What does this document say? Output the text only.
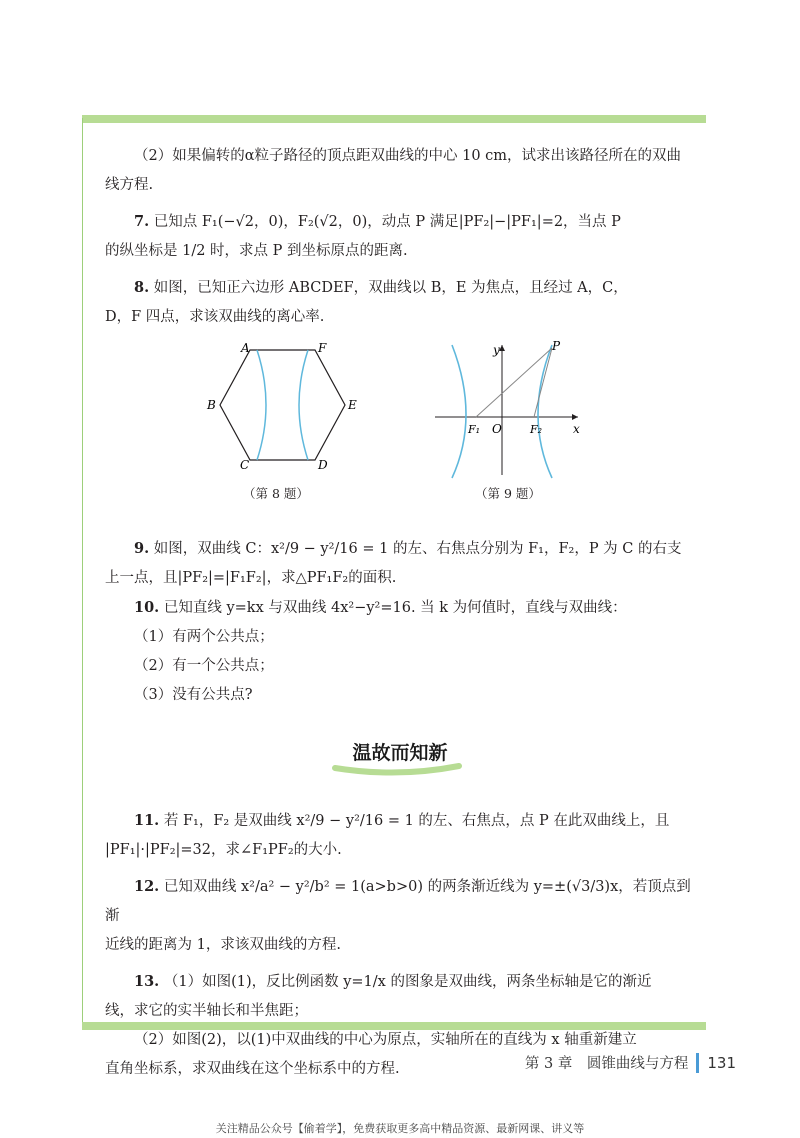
（2）如果偏转的α粒子路径的顶点距双曲线的中心 10 cm，试求出该路径所在的双曲线方程.

7. 已知点 F₁(−√2，0)，F₂(√2，0)，动点 P 满足|PF₂|−|PF₁|=2，当点 P

的纵坐标是 1/2 时，求点 P 到坐标原点的距离.

8. 如图，已知正六边形 ABCDEF，双曲线以 B，E 为焦点，且经过 A，C，

D，F 四点，求该双曲线的离心率.

A	F
B	E
C	D
（第 8 题）
y
x
O
P
F₁	F₂
（第 9 题）

9. 如图，双曲线 C：x²/9 − y²/16 = 1 的左、右焦点分别为 F₁，F₂，P 为 C 的右支

上一点，且|PF₂|=|F₁F₂|，求△PF₁F₂的面积.

10. 已知直线 y=kx 与双曲线 4x²−y²=16. 当 k 为何值时，直线与双曲线：

（1）有两个公共点；

（2）有一个公共点；

（3）没有公共点?

温故而知新

11. 若 F₁，F₂ 是双曲线 x²/9 − y²/16 = 1 的左、右焦点，点 P 在此双曲线上，且

|PF₁|·|PF₂|=32，求∠F₁PF₂的大小.

12. 已知双曲线 x²/a² − y²/b² = 1(a>b>0) 的两条渐近线为 y=±(√3/3)x，若顶点到渐

近线的距离为 1，求该双曲线的方程.

13. （1）如图(1)，反比例函数 y=1/x 的图象是双曲线，两条坐标轴是它的渐近

线，求它的实半轴长和半焦距；

（2）如图(2)，以(1)中双曲线的中心为原点，实轴所在的直线为 x 轴重新建立

直角坐标系，求双曲线在这个坐标系中的方程.	第 3 章　圆锥曲线与方程 131
关注精品公众号【偷着学】，免费获取更多高中精品资源、最新网课、讲义等
